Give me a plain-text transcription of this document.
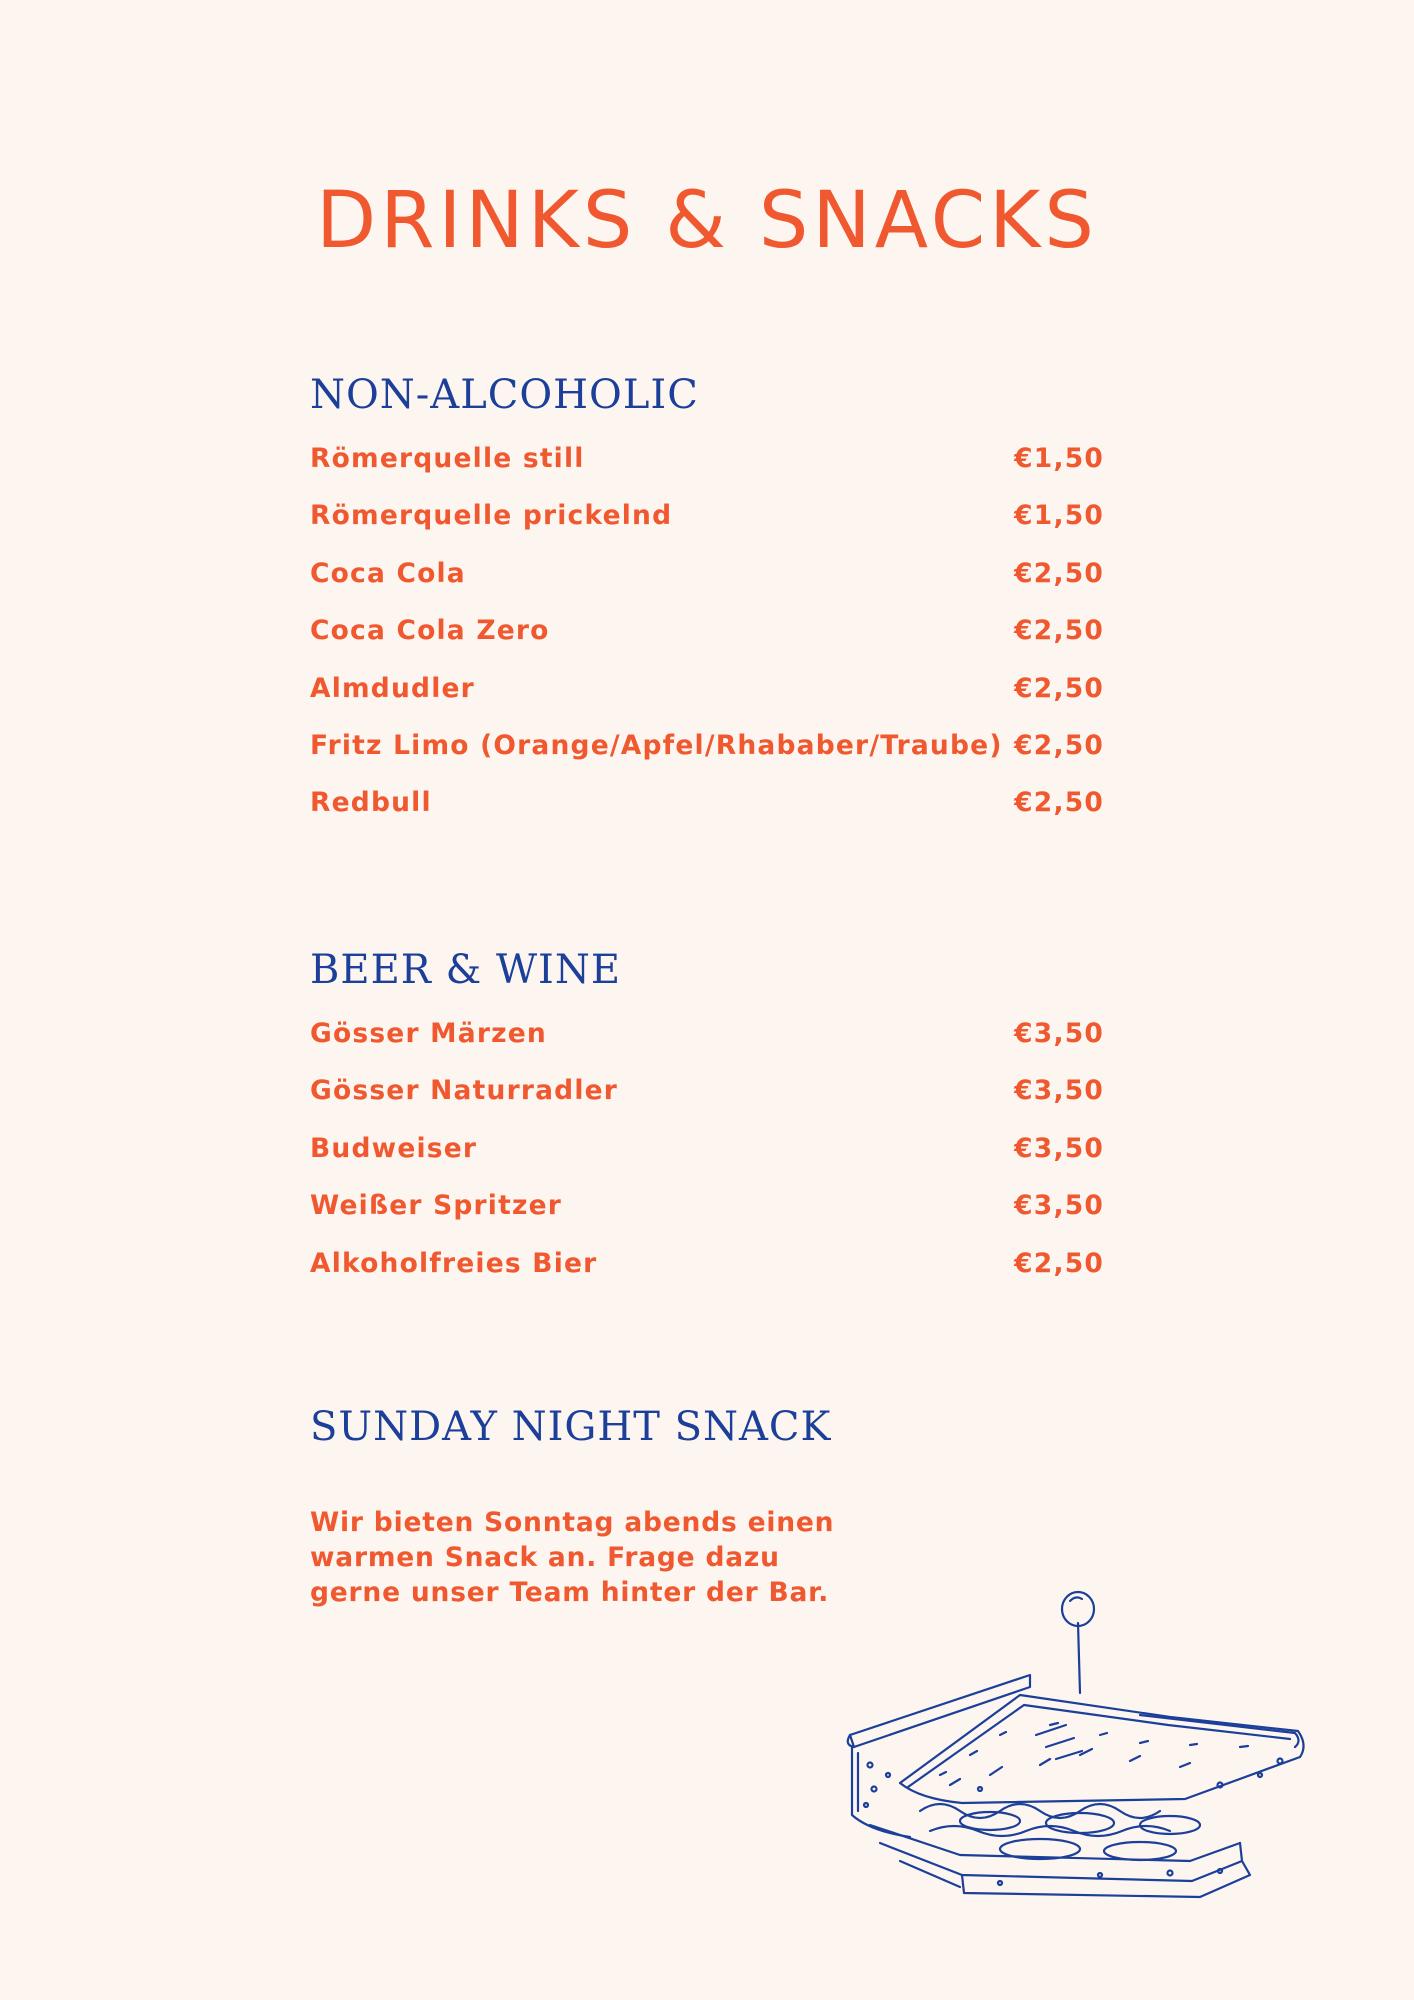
DRINKS & SNACKS
NON-ALCOHOLIC
Römerquelle still	€1,50
Römerquelle prickelnd	€1,50
Coca Cola	€2,50
Coca Cola Zero	€2,50
Almdudler	€2,50
Fritz Limo (Orange/Apfel/Rhababer/Traube) €2,50
Redbull	€2,50
BEER & WINE
Gösser Märzen	€3,50
Gösser Naturradler	€3,50
Budweiser	€3,50
Weißer Spritzer	€3,50
Alkoholfreies Bier	€2,50
SUNDAY NIGHT SNACK

Wir bieten Sonntag abends einen warmen Snack an. Frage dazu gerne unser Team hinter der Bar.
